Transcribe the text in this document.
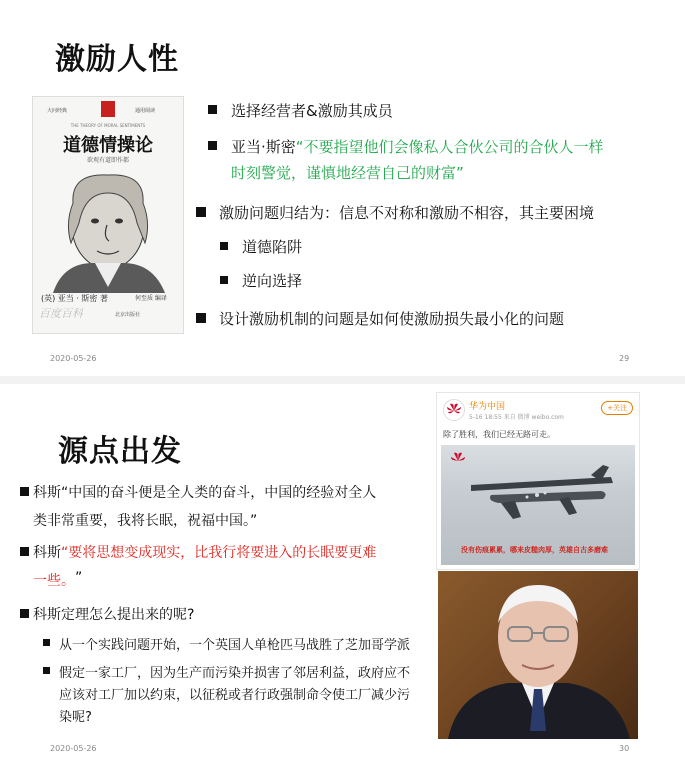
激励人性
大问经典	通用阅读
THE THEORY OF MORAL SENTIMENTS
道德情操论
欲观有道即作都
(英) 亚当 · 斯密 著	何至质 编译
百度百科	北京出版社
选择经营者&激励其成员
亚当·斯密“不要指望他们会像私人合伙公司的合伙人一样
时刻警觉，谨慎地经营自己的财富”
激励问题归结为：信息不对称和激励不相容，其主要困境
道德陷阱
逆向选择
设计激励机制的问题是如何使激励损失最小化的问题
2020-05-26	29
源点出发
华为中国
5-16 18:55 来自 微博 weibo.com
+关注
除了胜利，我们已经无路可走。
没有伤痕累累，哪来皮糙肉厚，英雄自古多磨难
科斯“中国的奋斗便是全人类的奋斗，中国的经验对全人
类非常重要，我将长眠，祝福中国。”
科斯“要将思想变成现实，比我行将要进入的长眠要更难
一些。 ”
科斯定理怎么提出来的呢?
从一个实践问题开始，一个英国人单枪匹马战胜了芝加哥学派
假定一家工厂，因为生产而污染并损害了邻居利益，政府应不
应该对工厂加以约束，以征税或者行政强制命令使工厂减少污
染呢?
2020-05-26	30
